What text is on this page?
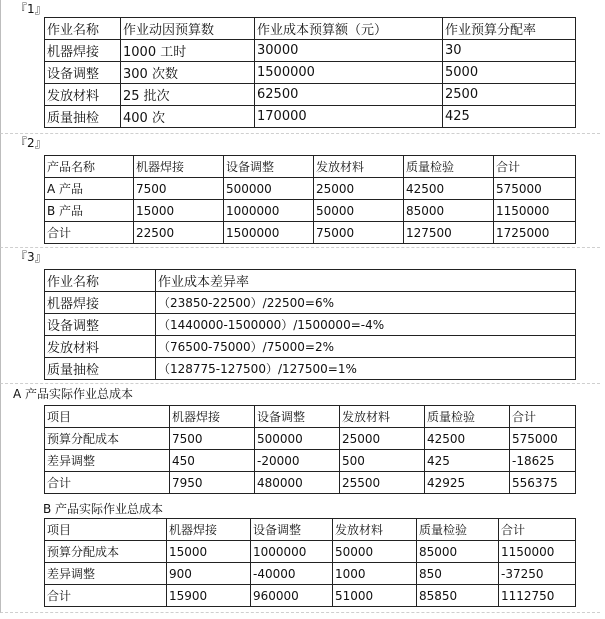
『1』
作业名称	作业动因预算数	作业成本预算额（元）	作业预算分配率
机器焊接	1000 工时	30000	30
设备调整	300 次数	1500000	5000
发放材料	25 批次	62500	2500
质量抽检	400 次	170000	425
『2』
产品名称	机器焊接	设备调整	发放材料	质量检验	合计
A 产品	7500	500000	25000	42500	575000
B 产品	15000	1000000	50000	85000	1150000
合计	22500	1500000	75000	127500	1725000
『3』
作业名称	作业成本差异率
机器焊接	（23850-22500）/22500=6%
设备调整	（1440000-1500000）/1500000=-4%
发放材料	（76500-75000）/75000=2%
质量抽检	（128775-127500）/127500=1%
A 产品实际作业总成本
项目	机器焊接	设备调整	发放材料	质量检验	合计
预算分配成本	7500	500000	25000	42500	575000
差异调整	450	-20000	500	425	-18625
合计	7950	480000	25500	42925	556375
B 产品实际作业总成本
项目	机器焊接	设备调整	发放材料	质量检验	合计
预算分配成本	15000	1000000	50000	85000	1150000
差异调整	900	-40000	1000	850	-37250
合计	15900	960000	51000	85850	1112750
